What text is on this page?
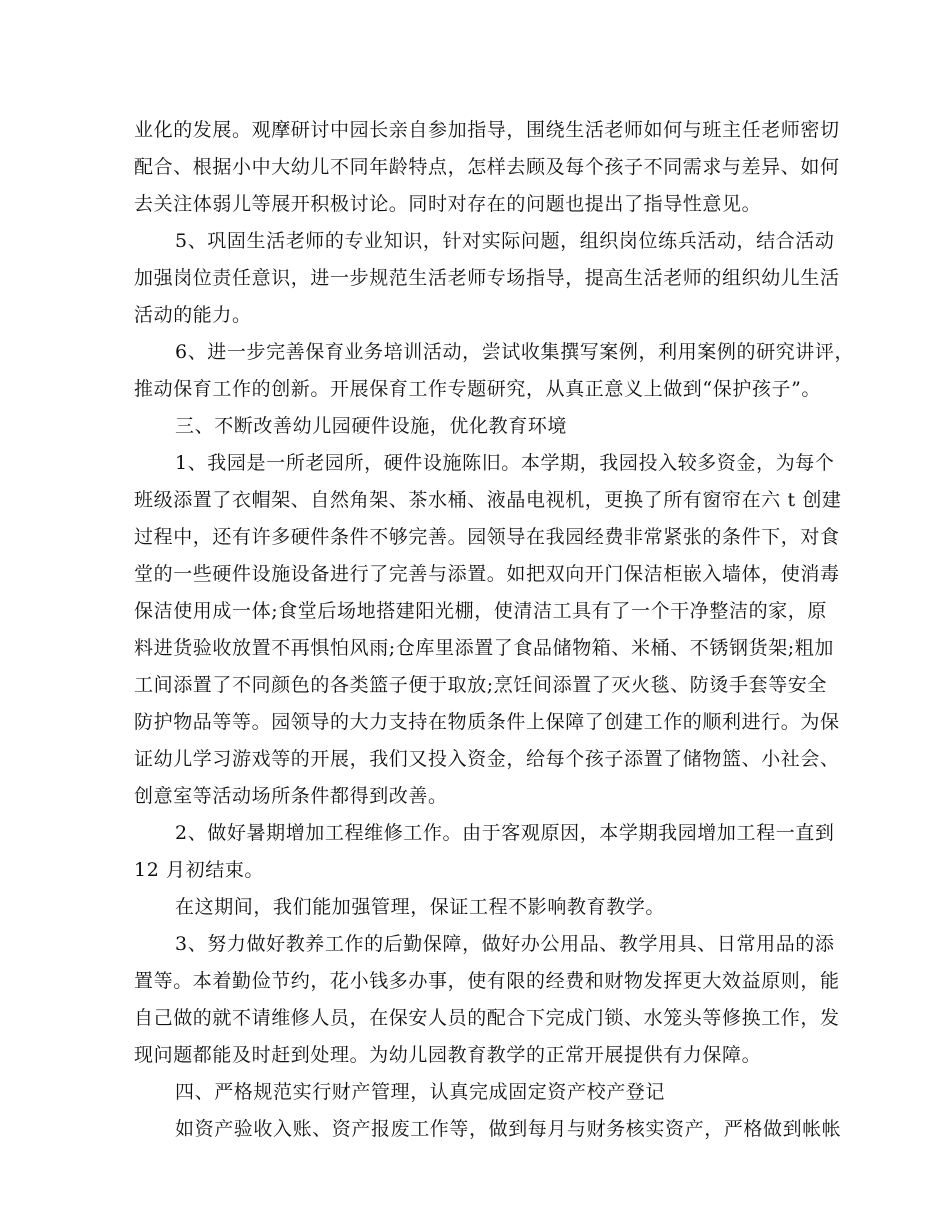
业化的发展。观摩研讨中园长亲自参加指导，围绕生活老师如何与班主任老师密切
配合、根据小中大幼儿不同年龄特点，怎样去顾及每个孩子不同需求与差异、如何
去关注体弱儿等展开积极讨论。同时对存在的问题也提出了指导性意见。
5、巩固生活老师的专业知识，针对实际问题，组织岗位练兵活动，结合活动
加强岗位责任意识，进一步规范生活老师专场指导，提高生活老师的组织幼儿生活
活动的能力。
6、进一步完善保育业务培训活动，尝试收集撰写案例，利用案例的研究讲评，
推动保育工作的创新。开展保育工作专题研究，从真正意义上做到“保护孩子”。
三、不断改善幼儿园硬件设施，优化教育环境
1、我园是一所老园所，硬件设施陈旧。本学期，我园投入较多资金，为每个
班级添置了衣帽架、自然角架、茶水桶、液晶电视机，更换了所有窗帘在六 t 创建
过程中，还有许多硬件条件不够完善。园领导在我园经费非常紧张的条件下，对食
堂的一些硬件设施设备进行了完善与添置。如把双向开门保洁柜嵌入墙体，使消毒
保洁使用成一体;食堂后场地搭建阳光棚，使清洁工具有了一个干净整洁的家，原
料进货验收放置不再惧怕风雨;仓库里添置了食品储物箱、米桶、不锈钢货架;粗加
工间添置了不同颜色的各类篮子便于取放;烹饪间添置了灭火毯、防烫手套等安全
防护物品等等。园领导的大力支持在物质条件上保障了创建工作的顺利进行。为保
证幼儿学习游戏等的开展，我们又投入资金，给每个孩子添置了储物篮、小社会、
创意室等活动场所条件都得到改善。
2、做好暑期增加工程维修工作。由于客观原因，本学期我园增加工程一直到
12 月初结束。
在这期间，我们能加强管理，保证工程不影响教育教学。
3、努力做好教养工作的后勤保障，做好办公用品、教学用具、日常用品的添
置等。本着勤俭节约，花小钱多办事，使有限的经费和财物发挥更大效益原则，能
自己做的就不请维修人员，在保安人员的配合下完成门锁、水笼头等修换工作，发
现问题都能及时赶到处理。为幼儿园教育教学的正常开展提供有力保障。
四、严格规范实行财产管理，认真完成固定资产校产登记
如资产验收入账、资产报废工作等，做到每月与财务核实资产，严格做到帐帐
